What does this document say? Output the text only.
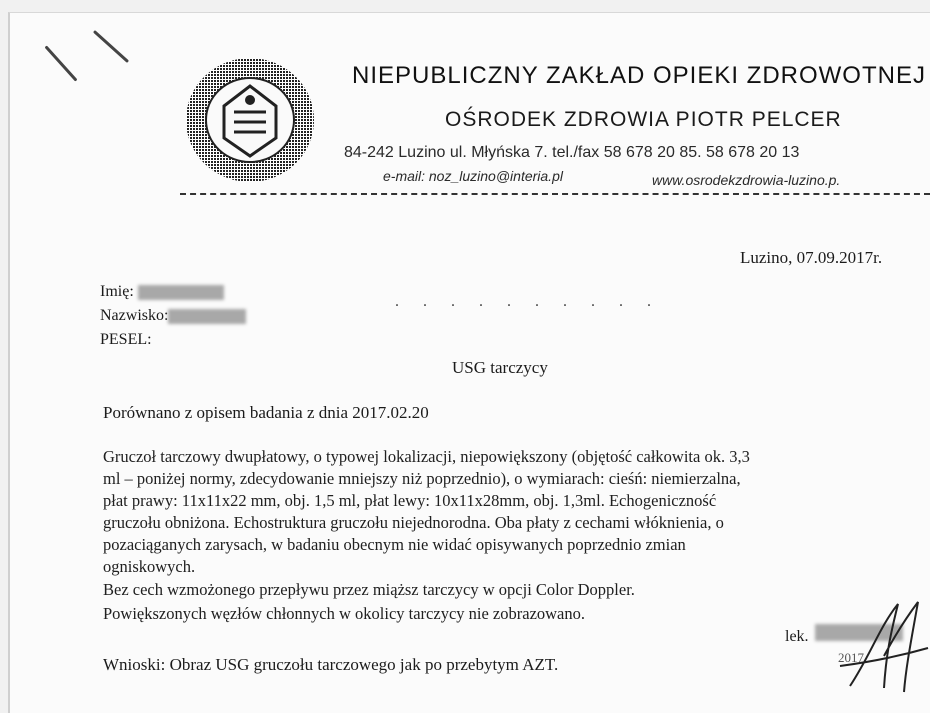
NIEPUBLICZNY ZAKŁAD OPIEKI ZDROWOTNEJ
OŚRODEK ZDROWIA PIOTR PELCER
84-242 Luzino ul. Młyńska 7. tel./fax 58 678 20 85. 58 678 20 13
e-mail: noz_luzino@interia.pl	www.osrodekzdrowia-luzino.p.
Luzino, 07.09.2017r.
Imię:
Nazwisko:
PESEL:
. . . . . . . . . .
USG tarczycy
Porównano z opisem badania z dnia 2017.02.20
Gruczoł tarczowy dwupłatowy, o typowej lokalizacji, niepowiększony (objętość całkowita ok. 3,3
ml – poniżej normy, zdecydowanie mniejszy niż poprzednio), o wymiarach: cieśń: niemierzalna,
płat prawy: 11x11x22 mm, obj. 1,5 ml, płat lewy: 10x11x28mm, obj. 1,3ml. Echogeniczność
gruczołu obniżona. Echostruktura gruczołu niejednorodna. Oba płaty z cechami włóknienia, o
pozaciąganych zarysach, w badaniu obecnym nie widać opisywanych poprzednio zmian
ogniskowych.
Bez cech wzmożonego przepływu przez miąższ tarczycy w opcji Color Doppler.
Powiększonych węzłów chłonnych w okolicy tarczycy nie zobrazowano.
lek.
2017
Wnioski: Obraz USG gruczołu tarczowego jak po przebytym AZT.
